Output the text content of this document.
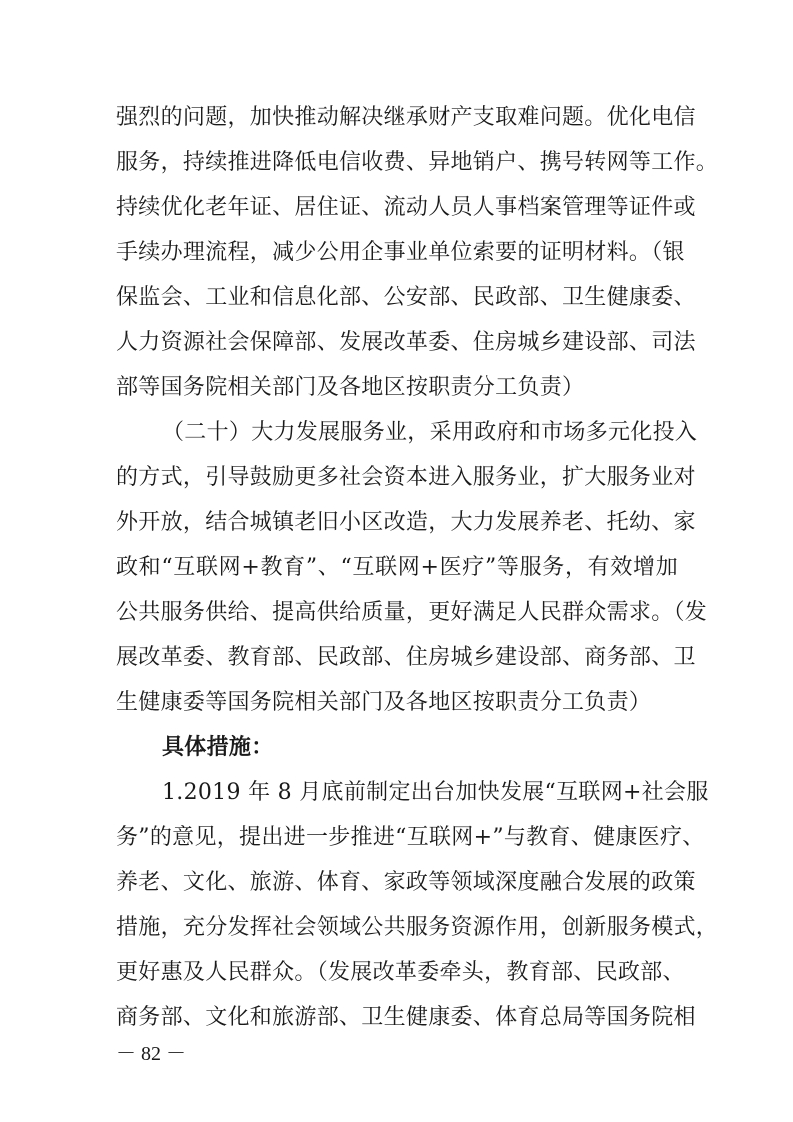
强烈的问题，加快推动解决继承财产支取难问题。优化电信
服务，持续推进降低电信收费、异地销户、携号转网等工作。
持续优化老年证、居住证、流动人员人事档案管理等证件或
手续办理流程，减少公用企事业单位索要的证明材料。（银
保监会、工业和信息化部、公安部、民政部、卫生健康委、
人力资源社会保障部、发展改革委、住房城乡建设部、司法
部等国务院相关部门及各地区按职责分工负责）
（二十）大力发展服务业，采用政府和市场多元化投入
的方式，引导鼓励更多社会资本进入服务业，扩大服务业对
外开放，结合城镇老旧小区改造，大力发展养老、托幼、家
政和“互联网+教育”、“互联网+医疗”等服务，有效增加
公共服务供给、提高供给质量，更好满足人民群众需求。（发
展改革委、教育部、民政部、住房城乡建设部、商务部、卫
生健康委等国务院相关部门及各地区按职责分工负责）
具体措施：
1.2019 年 8 月底前制定出台加快发展“互联网+社会服
务”的意见，提出进一步推进“互联网+”与教育、健康医疗、
养老、文化、旅游、体育、家政等领域深度融合发展的政策
措施，充分发挥社会领域公共服务资源作用，创新服务模式，
更好惠及人民群众。（发展改革委牵头，教育部、民政部、
商务部、文化和旅游部、卫生健康委、体育总局等国务院相
－ 82 －
